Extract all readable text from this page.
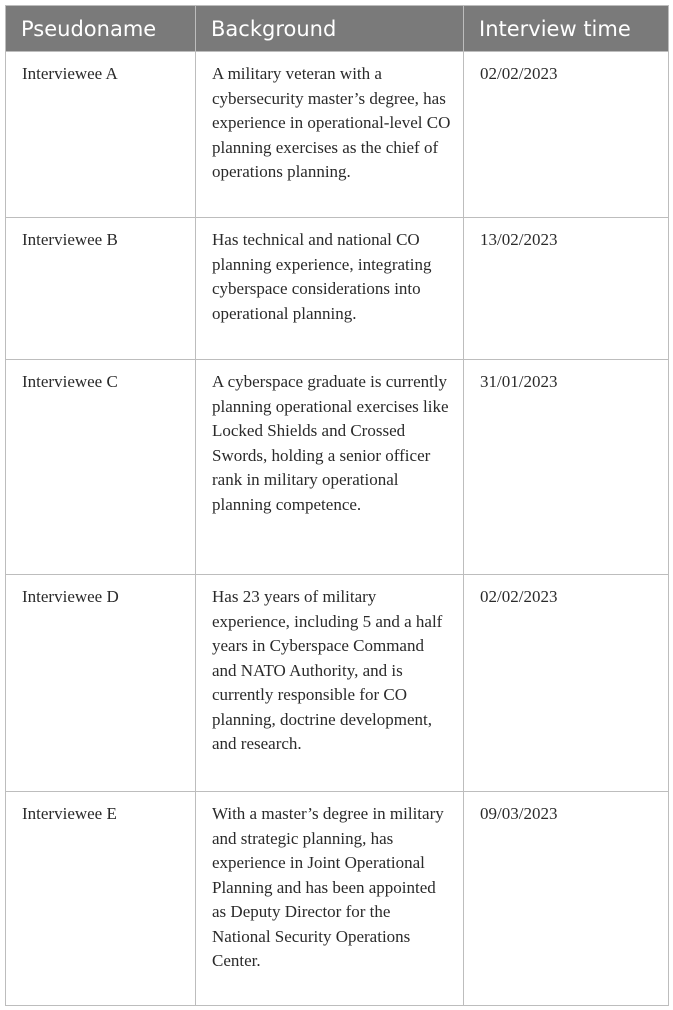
Pseudoname	Background	Interview time
Interviewee A	A military veteran with a cybersecurity master’s degree, has experience in operational-level CO planning exercises as the chief of operations planning.	02/02/2023
Interviewee B	Has technical and national CO planning experience, integrating cyberspace considerations into operational planning.	13/02/2023
Interviewee C	A cyberspace graduate is currently planning operational exercises like Locked Shields and Crossed Swords, holding a senior officer rank in military operational planning competence.	31/01/2023
Interviewee D	Has 23 years of military experience, including 5 and a half years in Cyberspace Command and NATO Authority, and is currently responsible for CO planning, doctrine development, and research.	02/02/2023
Interviewee E	With a master’s degree in military and strategic planning, has experience in Joint Operational Planning and has been appointed as Deputy Director for the National Security Operations Center.	09/03/2023
